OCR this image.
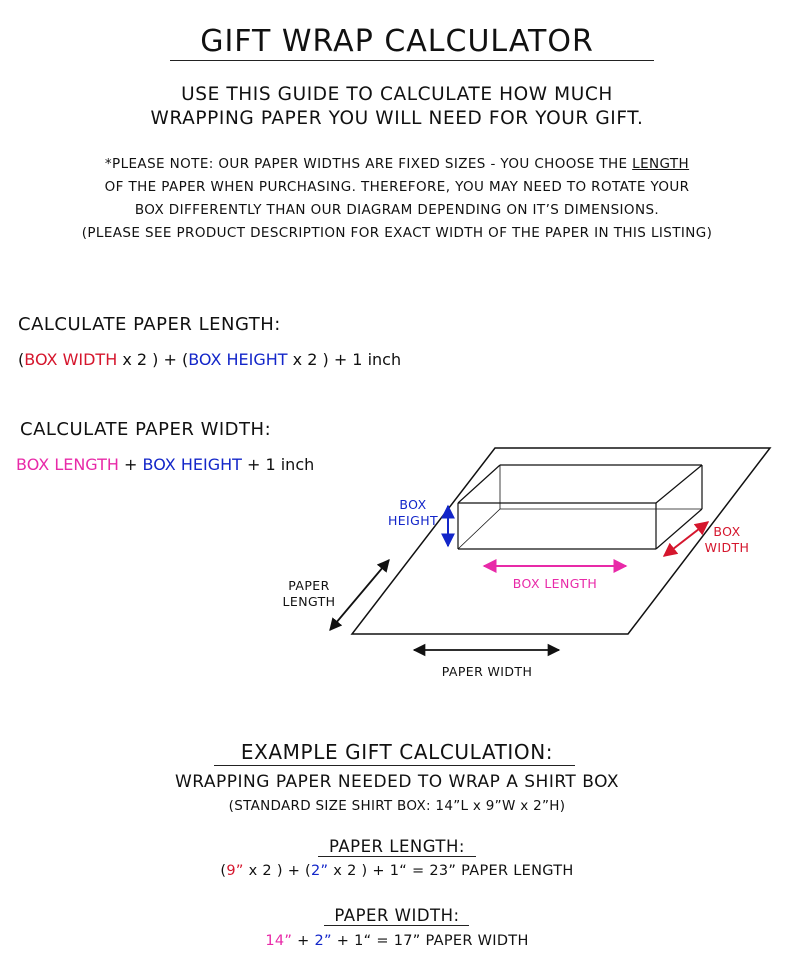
GIFT WRAP CALCULATOR
USE THIS GUIDE TO CALCULATE HOW MUCH
WRAPPING PAPER YOU WILL NEED FOR YOUR GIFT.
*PLEASE NOTE: OUR PAPER WIDTHS ARE FIXED SIZES - YOU CHOOSE THE LENGTH
OF THE PAPER WHEN PURCHASING. THEREFORE, YOU MAY NEED TO ROTATE YOUR
BOX DIFFERENTLY THAN OUR DIAGRAM DEPENDING ON IT’S DIMENSIONS.
(PLEASE SEE PRODUCT DESCRIPTION FOR EXACT WIDTH OF THE PAPER IN THIS LISTING)
CALCULATE PAPER LENGTH:
(BOX WIDTH x 2 ) + (BOX HEIGHT x 2 ) + 1 inch
CALCULATE PAPER WIDTH:
BOX LENGTH + BOX HEIGHT + 1 inch
BOX
HEIGHT
BOX
WIDTH
BOX LENGTH
PAPER
LENGTH
PAPER WIDTH
EXAMPLE GIFT CALCULATION:
WRAPPING PAPER NEEDED TO WRAP A SHIRT BOX
(STANDARD SIZE SHIRT BOX: 14”L x 9”W x 2”H)
PAPER LENGTH:
(9” x 2 ) + (2” x 2 ) + 1“ = 23” PAPER LENGTH
PAPER WIDTH:
14” + 2” + 1“ = 17” PAPER WIDTH
